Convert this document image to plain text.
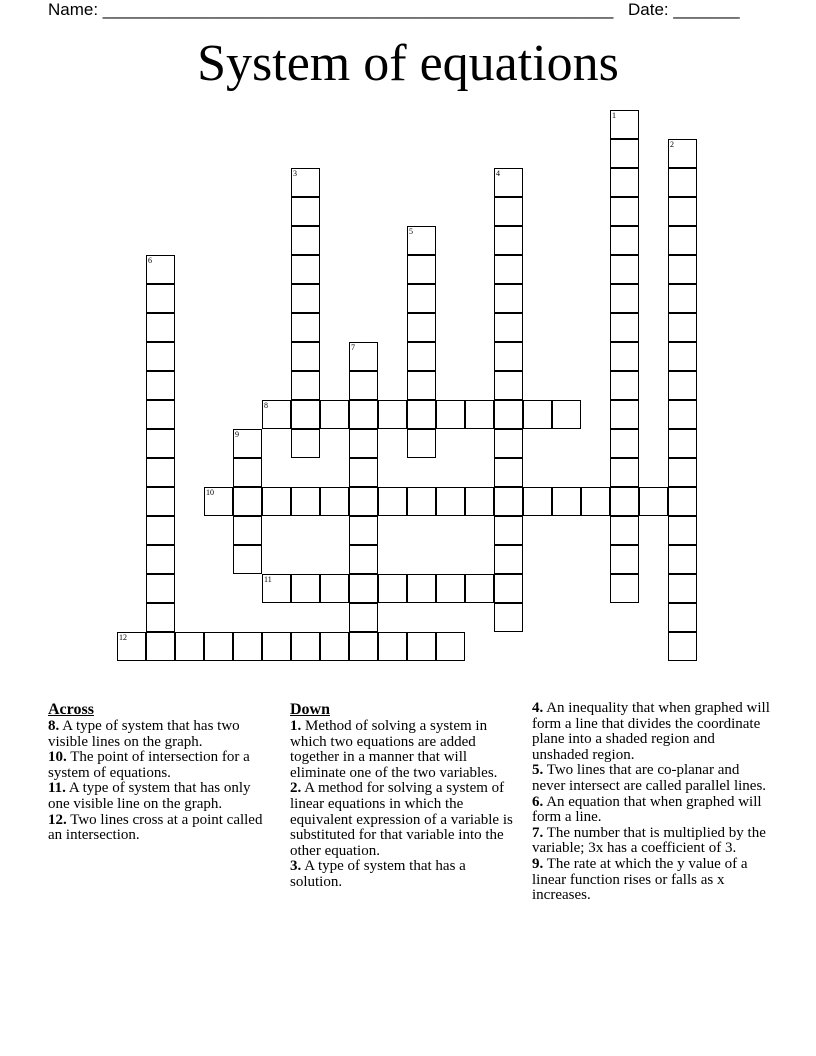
Name: ______________________________________________________ Date: _______
System of equations
1
2
3	4
5
6
7
8
9
10
11
12
Across

8. A type of system that has two visible lines on the graph.

10. The point of intersection for a system of equations.

11. A type of system that has only one visible line on the graph.

12. Two lines cross at a point called an intersection.

Down

1. Method of solving a system in which two equations are added together in a manner that will eliminate one of the two variables.

2. A method for solving a system of linear equations in which the equivalent expression of a variable is substituted for that variable into the other equation.

3. A type of system that has a solution.

4. An inequality that when graphed will form a line that divides the coordinate plane into a shaded region and unshaded region.

5. Two lines that are co-planar and never intersect are called parallel lines.

6. An equation that when graphed will form a line.

7. The number that is multiplied by the variable; 3x has a coefficient of 3.

9. The rate at which the y value of a linear function rises or falls as x increases.
